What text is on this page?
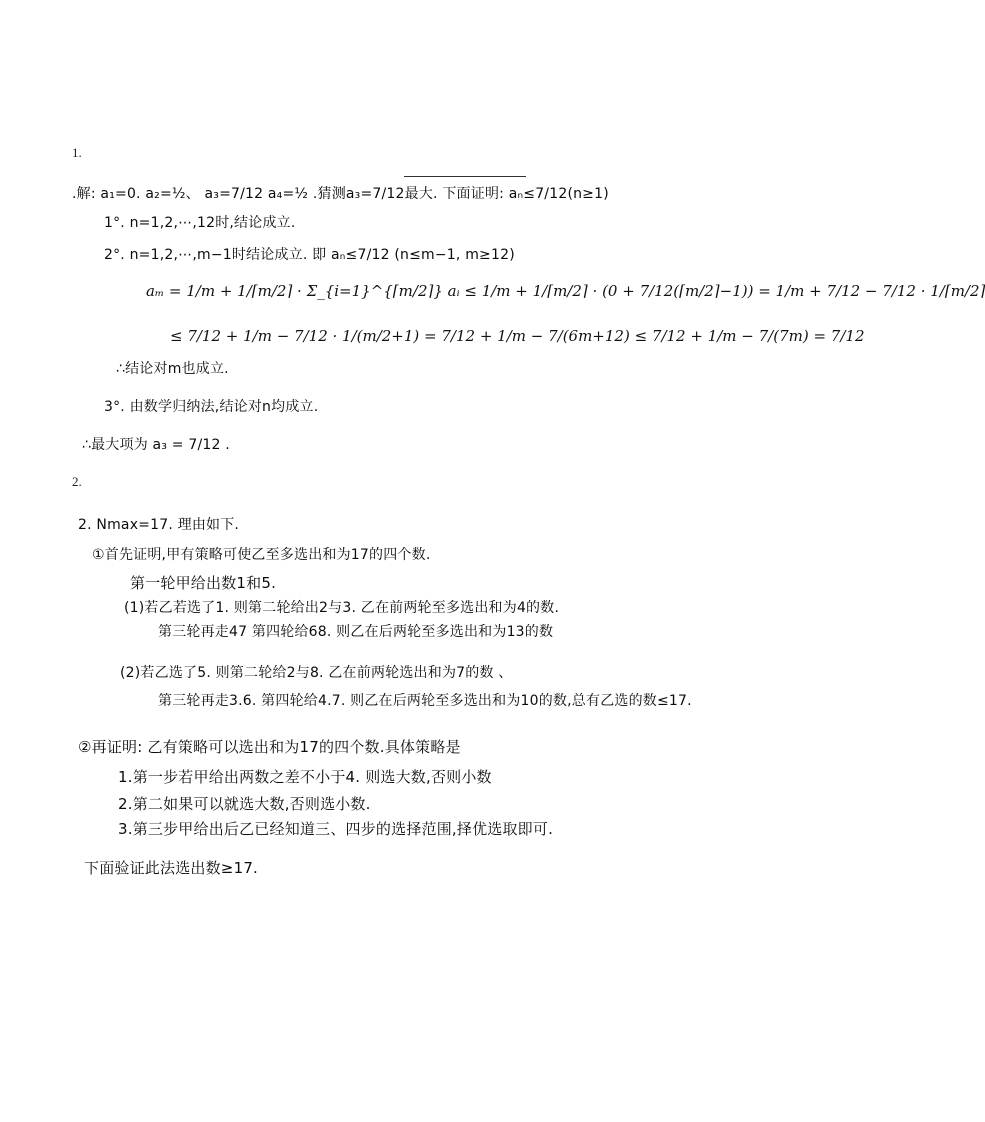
1.
.解: a₁=0. a₂=½、 a₃=7/12 a₄=½ .猜测a₃=7/12最大. 下面证明: aₙ≤7/12(n≥1)
1°. n=1,2,⋯,12时,结论成立.
2°. n=1,2,⋯,m−1时结论成立. 即 aₙ≤7/12 (n≤m−1, m≥12)
aₘ = 1/m + 1/⌈m/2⌉ · Σ_{i=1}^{⌈m/2⌉} aᵢ ≤ 1/m + 1/⌈m/2⌉ · (0 + 7/12(⌈m/2⌉−1)) = 1/m + 7/12 − 7/12 · 1/⌈m/2⌉
≤ 7/12 + 1/m − 7/12 · 1/(m/2+1) = 7/12 + 1/m − 7/(6m+12) ≤ 7/12 + 1/m − 7/(7m) = 7/12
∴结论对m也成立.
3°. 由数学归纳法,结论对n均成立.
∴最大项为 a₃ = 7/12 .
2.
2. Nmax=17. 理由如下.
①首先证明,甲有策略可使乙至多选出和为17的四个数.
第一轮甲给出数1和5.
(1)若乙若选了1. 则第二轮给出2与3. 乙在前两轮至多选出和为4的数.
第三轮再走47 第四轮给68. 则乙在后两轮至多选出和为13的数
(2)若乙选了5. 则第二轮给2与8. 乙在前两轮选出和为7的数 、
第三轮再走3.6. 第四轮给4.7. 则乙在后两轮至多选出和为10的数,总有乙选的数≤17.
②再证明: 乙有策略可以选出和为17的四个数.具体策略是
1.第一步若甲给出两数之差不小于4. 则选大数,否则小数
2.第二如果可以就选大数,否则选小数.
3.第三步甲给出后乙已经知道三、四步的选择范围,择优选取即可.
下面验证此法选出数≥17.
